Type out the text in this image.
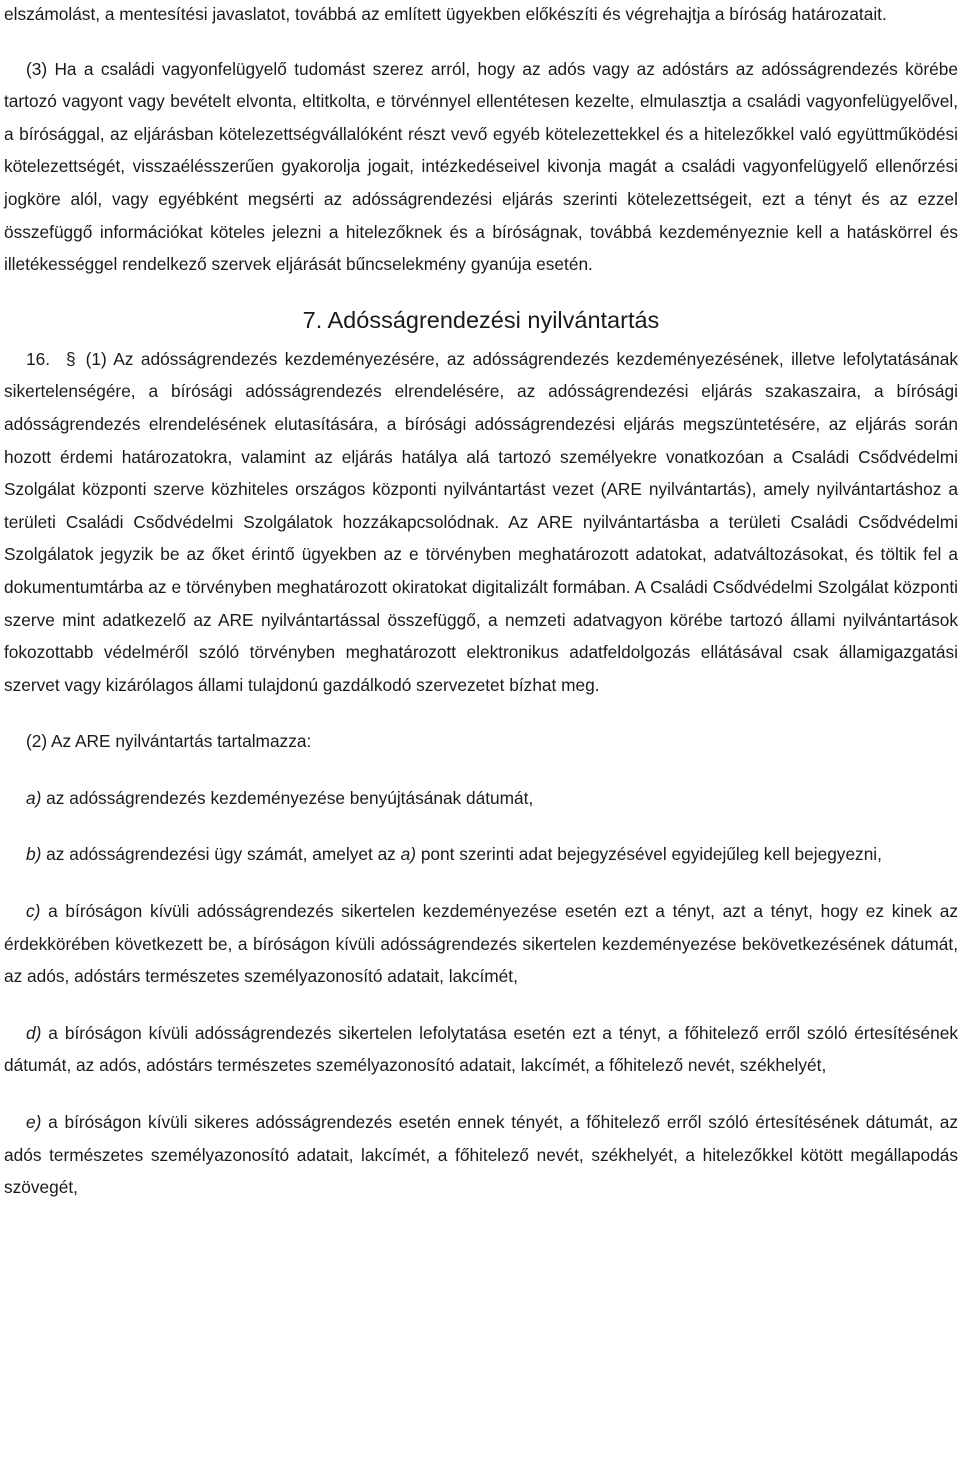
elszámolást, a mentesítési javaslatot, továbbá az említett ügyekben előkészíti és végrehajtja a bíróság határozatait.

(3) Ha a családi vagyonfelügyelő tudomást szerez arról, hogy az adós vagy az adóstárs az adósságrendezés körébe tartozó vagyont vagy bevételt elvonta, eltitkolta, e törvénnyel ellentétesen kezelte, elmulasztja a családi vagyonfelügyelővel, a bírósággal, az eljárásban kötelezettségvállalóként részt vevő egyéb kötelezettekkel és a hitelezőkkel való együttműködési kötelezettségét, visszaélésszerűen gyakorolja jogait, intézkedéseivel kivonja magát a családi vagyonfelügyelő ellenőrzési jogköre alól, vagy egyébként megsérti az adósságrendezési eljárás szerinti kötelezettségeit, ezt a tényt és az ezzel összefüggő információkat köteles jelezni a hitelezőknek és a bíróságnak, továbbá kezdeményeznie kell a hatáskörrel és illetékességgel rendelkező szervek eljárását bűncselekmény gyanúja esetén.

7. Adósságrendezési nyilvántartás

16. § (1) Az adósságrendezés kezdeményezésére, az adósságrendezés kezdeményezésének, illetve lefolytatásának sikertelenségére, a bírósági adósságrendezés elrendelésére, az adósságrendezési eljárás szakaszaira, a bírósági adósságrendezés elrendelésének elutasítására, a bírósági adósságrendezési eljárás megszüntetésére, az eljárás során hozott érdemi határozatokra, valamint az eljárás hatálya alá tartozó személyekre vonatkozóan a Családi Csődvédelmi Szolgálat központi szerve közhiteles országos központi nyilvántartást vezet (ARE nyilvántartás), amely nyilvántartáshoz a területi Családi Csődvédelmi Szolgálatok hozzákapcsolódnak. Az ARE nyilvántartásba a területi Családi Csődvédelmi Szolgálatok jegyzik be az őket érintő ügyekben az e törvényben meghatározott adatokat, adatváltozásokat, és töltik fel a dokumentumtárba az e törvényben meghatározott okiratokat digitalizált formában. A Családi Csődvédelmi Szolgálat központi szerve mint adatkezelő az ARE nyilvántartással összefüggő, a nemzeti adatvagyon körébe tartozó állami nyilvántartások fokozottabb védelméről szóló törvényben meghatározott elektronikus adatfeldolgozás ellátásával csak államigazgatási szervet vagy kizárólagos állami tulajdonú gazdálkodó szervezetet bízhat meg.

(2) Az ARE nyilvántartás tartalmazza:

a) az adósságrendezés kezdeményezése benyújtásának dátumát,

b) az adósságrendezési ügy számát, amelyet az a) pont szerinti adat bejegyzésével egyidejűleg kell bejegyezni,

c) a bíróságon kívüli adósságrendezés sikertelen kezdeményezése esetén ezt a tényt, azt a tényt, hogy ez kinek az érdekkörében következett be, a bíróságon kívüli adósságrendezés sikertelen kezdeményezése bekövetkezésének dátumát, az adós, adóstárs természetes személyazonosító adatait, lakcímét,

d) a bíróságon kívüli adósságrendezés sikertelen lefolytatása esetén ezt a tényt, a főhitelező erről szóló értesítésének dátumát, az adós, adóstárs természetes személyazonosító adatait, lakcímét, a főhitelező nevét, székhelyét,

e) a bíróságon kívüli sikeres adósságrendezés esetén ennek tényét, a főhitelező erről szóló értesítésének dátumát, az adós természetes személyazonosító adatait, lakcímét, a főhitelező nevét, székhelyét, a hitelezőkkel kötött megállapodás szövegét,
